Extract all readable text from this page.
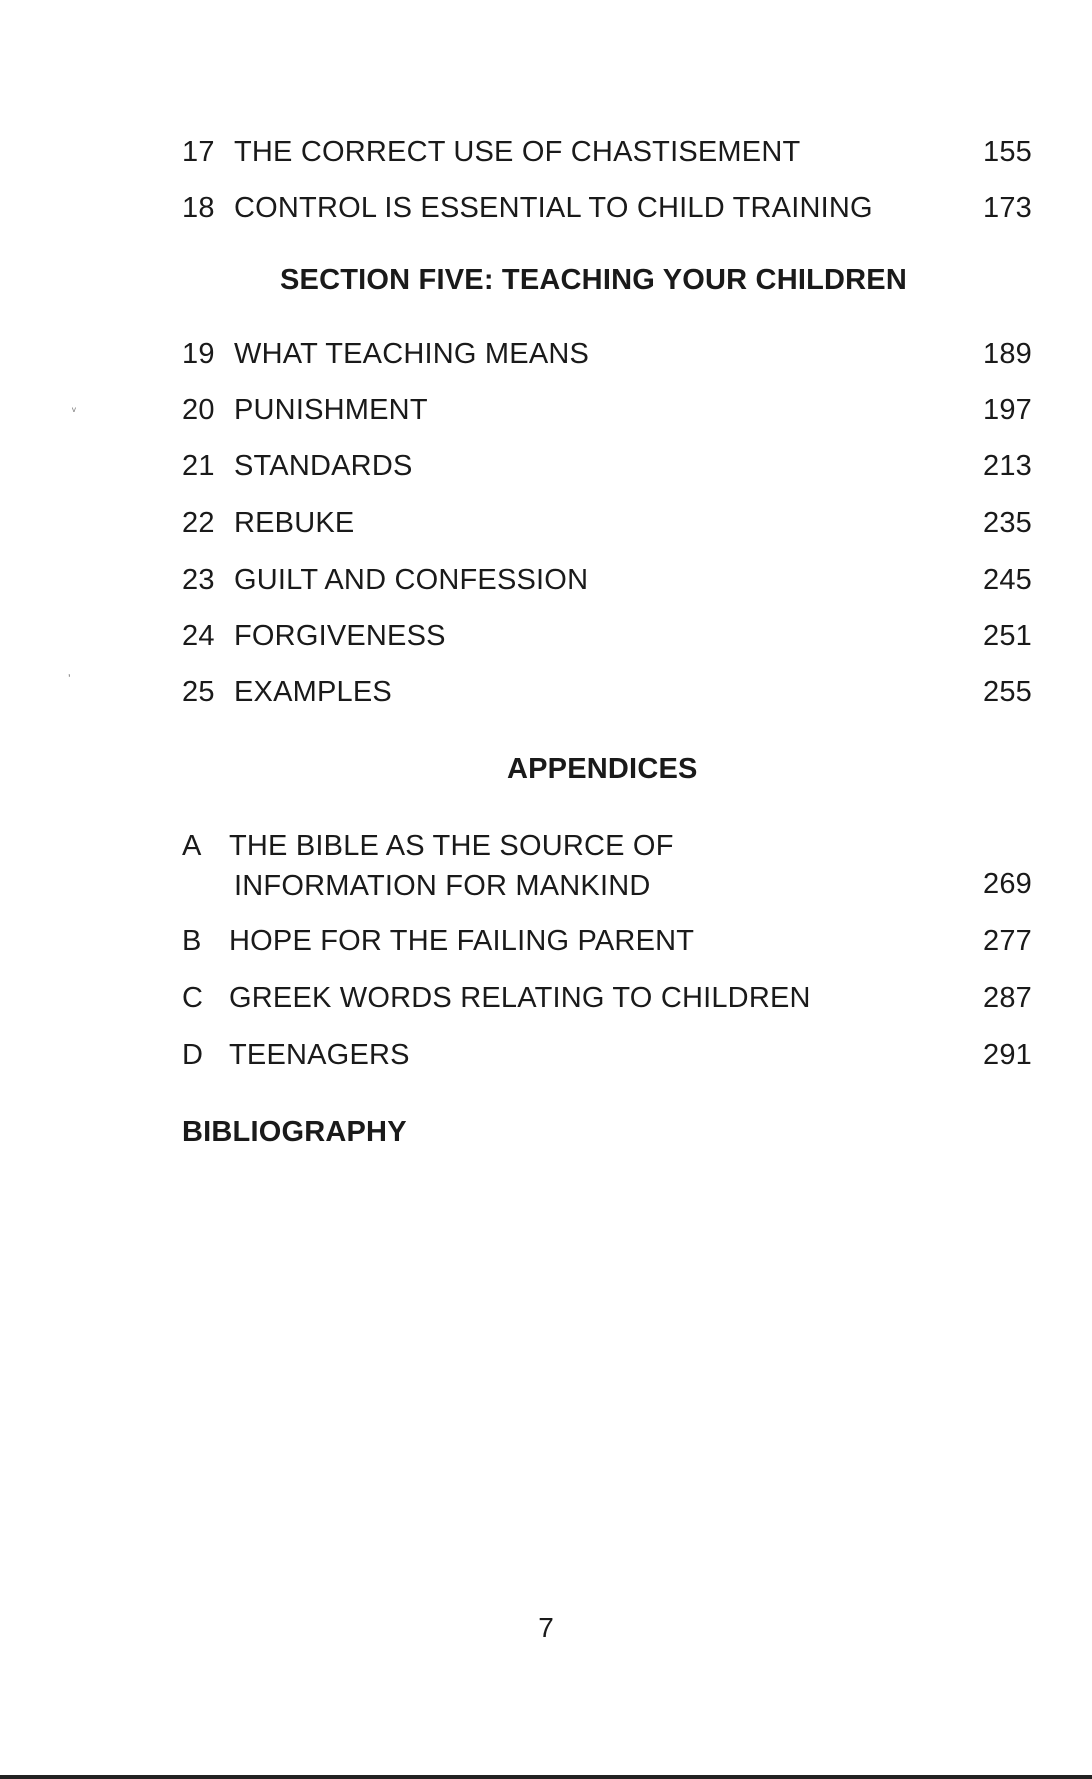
17 THE CORRECT USE OF CHASTISEMENT	155
18 CONTROL IS ESSENTIAL TO CHILD TRAINING	173
SECTION FIVE: TEACHING YOUR CHILDREN
19 WHAT TEACHING MEANS	189
20 PUNISHMENT	197
21 STANDARDS	213
22 REBUKE	235
23 GUILT AND CONFESSION	245
24 FORGIVENESS	251
25 EXAMPLES	255
APPENDICES
A THE BIBLE AS THE SOURCE OF
INFORMATION FOR MANKIND	269
B HOPE FOR THE FAILING PARENT	277
C GREEK WORDS RELATING TO CHILDREN	287
D TEENAGERS	291
BIBLIOGRAPHY
ᵛ
ʼ
7
